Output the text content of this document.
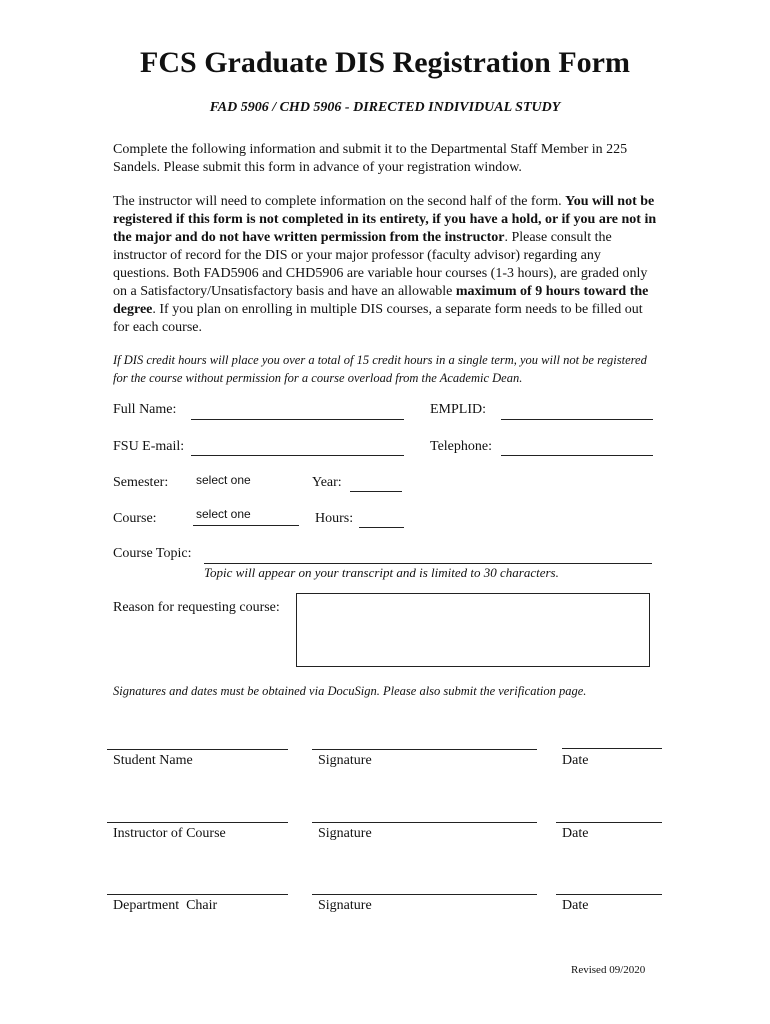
FCS Graduate DIS Registration Form
FAD 5906 / CHD 5906 - DIRECTED INDIVIDUAL STUDY
Complete the following information and submit it to the Departmental Staff Member in 225 Sandels. Please submit this form in advance of your registration window.
The instructor will need to complete information on the second half of the form. You will not be registered if this form is not completed in its entirety, if you have a hold, or if you are not in the major and do not have written permission from the instructor. Please consult the instructor of record for the DIS or your major professor (faculty advisor) regarding any questions. Both FAD5906 and CHD5906 are variable hour courses (1-3 hours), are graded only on a Satisfactory/Unsatisfactory basis and have an allowable maximum of 9 hours toward the degree. If you plan on enrolling in multiple DIS courses, a separate form needs to be filled out for each course.
If DIS credit hours will place you over a total of 15 credit hours in a single term, you will not be registered for the course without permission for a course overload from the Academic Dean.
Full Name:	EMPLID:
FSU E-mail:	Telephone:
Semester: select one	Year:
Course:	select one	Hours:
Course Topic:
Topic will appear on your transcript and is limited to 30 characters.
Reason for requesting course:
Signatures and dates must be obtained via DocuSign. Please also submit the verification page.
Student Name	Signature	Date
Instructor of Course	Signature	Date
Department  Chair	Signature	Date
Revised 09/2020
